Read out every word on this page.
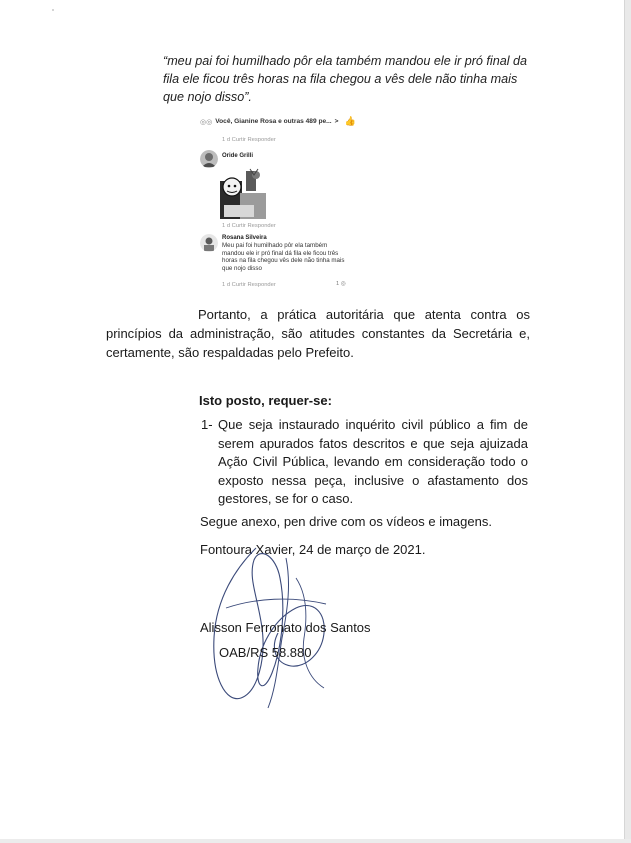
“meu pai foi humilhado pôr ela também mandou ele ir pró final da fila ele ficou três horas na fila chegou a vês dele não tinha mais que nojo disso”.

◎◎ Você, Gianine Rosa e outras 489 pe... > 👍
1 d Curtir Responder
Oride Grilli
1 d Curtir Responder
Rosana Silveira
Meu pai foi humilhado pôr ela também mandou ele ir pró final dá fila ele ficou três horas na fila chegou vês dele não tinha mais que nojo disso
1 d Curtir Responder	1 ◎

Portanto, a prática autoritária que atenta contra os princípios da administração, são atitudes constantes da Secretária e, certamente, são respaldadas pelo Prefeito.

Isto posto, requer-se:
1- Que seja instaurado inquérito civil público a fim de serem apurados fatos descritos e que seja ajuizada Ação Civil Pública, levando em consideração todo o exposto nessa peça, inclusive o afastamento dos gestores, se for o caso.
Segue anexo, pen drive com os vídeos e imagens.
Fontoura Xavier, 24 de março de 2021.
Alisson Ferronato dos Santos
OAB/RS 58.880
